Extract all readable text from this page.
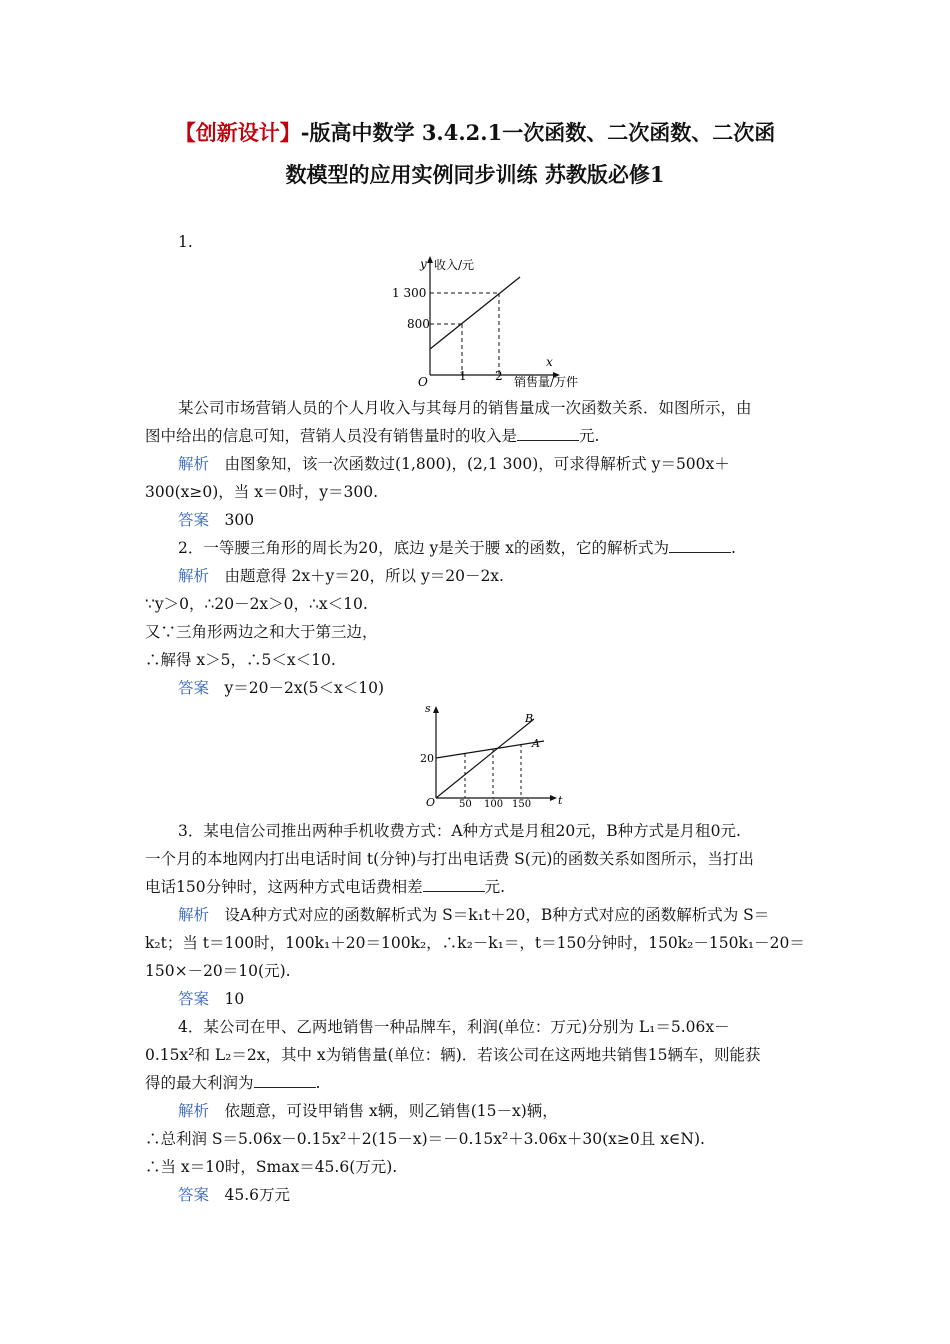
【创新设计】-版高中数学 3.4.2.1一次函数、二次函数、二次函
数模型的应用实例同步训练 苏教版必修1
1.
y 收入/元
1 300
800
O	1 2
x
销售量/万件
某公司市场营销人员的个人月收入与其每月的销售量成一次函数关系．如图所示，由
图中给出的信息可知，营销人员没有销售量时的收入是	元.
解析　 由图象知，该一次函数过(1,800)，(2,1 300)，可求得解析式 y＝500x＋
300(x≥0)，当 x＝0时，y＝300.
答案　 300
2．一等腰三角形的周长为20，底边 y是关于腰 x的函数，它的解析式为	.
解析　 由题意得 2x＋y＝20，所以 y＝20－2x.
∵y＞0，∴20－2x＞0，∴x＜10.
又∵三角形两边之和大于第三边，
∴解得 x＞5，∴5＜x＜10.
答案　 y＝20－2x(5＜x＜10)
s
20
O 50 100 150 t
B
A
3．某电信公司推出两种手机收费方式：A种方式是月租20元，B种方式是月租0元.
一个月的本地网内打出电话时间 t(分钟)与打出电话费 S(元)的函数关系如图所示，当打出
电话150分钟时，这两种方式电话费相差	元.
解析　 设A种方式对应的函数解析式为 S＝k₁t＋20，B种方式对应的函数解析式为 S＝
k₂t；当 t＝100时，100k₁＋20＝100k₂，∴k₂－k₁＝，t＝150分钟时，150k₂－150k₁－20＝
150×－20＝10(元).
答案　 10
4．某公司在甲、乙两地销售一种品牌车，利润(单位：万元)分别为 L₁＝5.06x－
0.15x²和 L₂＝2x，其中 x为销售量(单位：辆)．若该公司在这两地共销售15辆车，则能获
得的最大利润为	.
解析　 依题意，可设甲销售 x辆，则乙销售(15－x)辆，
∴总利润 S＝5.06x－0.15x²＋2(15－x)＝－0.15x²＋3.06x＋30(x≥0且 x∈N).
∴当 x＝10时，Smax＝45.6(万元).
答案　 45.6万元
